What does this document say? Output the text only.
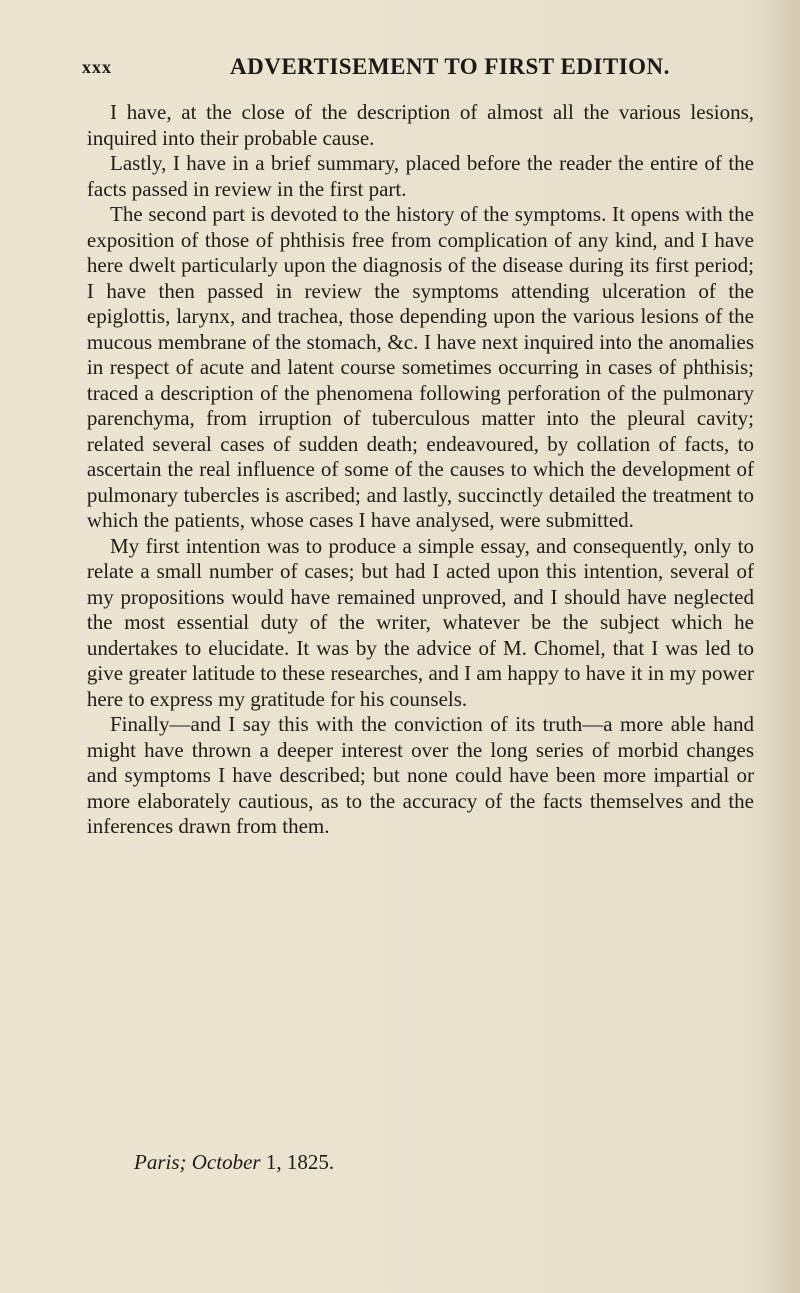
xxx	ADVERTISEMENT TO FIRST EDITION.

I have, at the close of the description of almost all the various lesions, inquired into their probable cause.

Lastly, I have in a brief summary, placed before the reader the entire of the facts passed in review in the first part.

The second part is devoted to the history of the symptoms. It opens with the exposition of those of phthisis free from complication of any kind, and I have here dwelt particularly upon the diagnosis of the disease during its first period; I have then passed in review the symptoms attending ulceration of the epiglottis, larynx, and trachea, those depending upon the various lesions of the mucous membrane of the stomach, &c. I have next inquired into the anomalies in respect of acute and latent course sometimes occurring in cases of phthisis; traced a description of the phenomena following perforation of the pulmonary parenchyma, from irruption of tuberculous matter into the pleural cavity; related several cases of sudden death; endeavoured, by collation of facts, to ascertain the real influence of some of the causes to which the development of pulmonary tubercles is ascribed; and lastly, succinctly detailed the treatment to which the patients, whose cases I have analysed, were submitted.

My first intention was to produce a simple essay, and consequently, only to relate a small number of cases; but had I acted upon this intention, several of my propositions would have remained unproved, and I should have neglected the most essential duty of the writer, whatever be the subject which he undertakes to elucidate. It was by the advice of M. Chomel, that I was led to give greater latitude to these researches, and I am happy to have it in my power here to express my gratitude for his counsels.

Finally—and I say this with the conviction of its truth—a more able hand might have thrown a deeper interest over the long series of morbid changes and symptoms I have described; but none could have been more impartial or more elaborately cautious, as to the accuracy of the facts themselves and the inferences drawn from them.

Paris; October 1, 1825.
